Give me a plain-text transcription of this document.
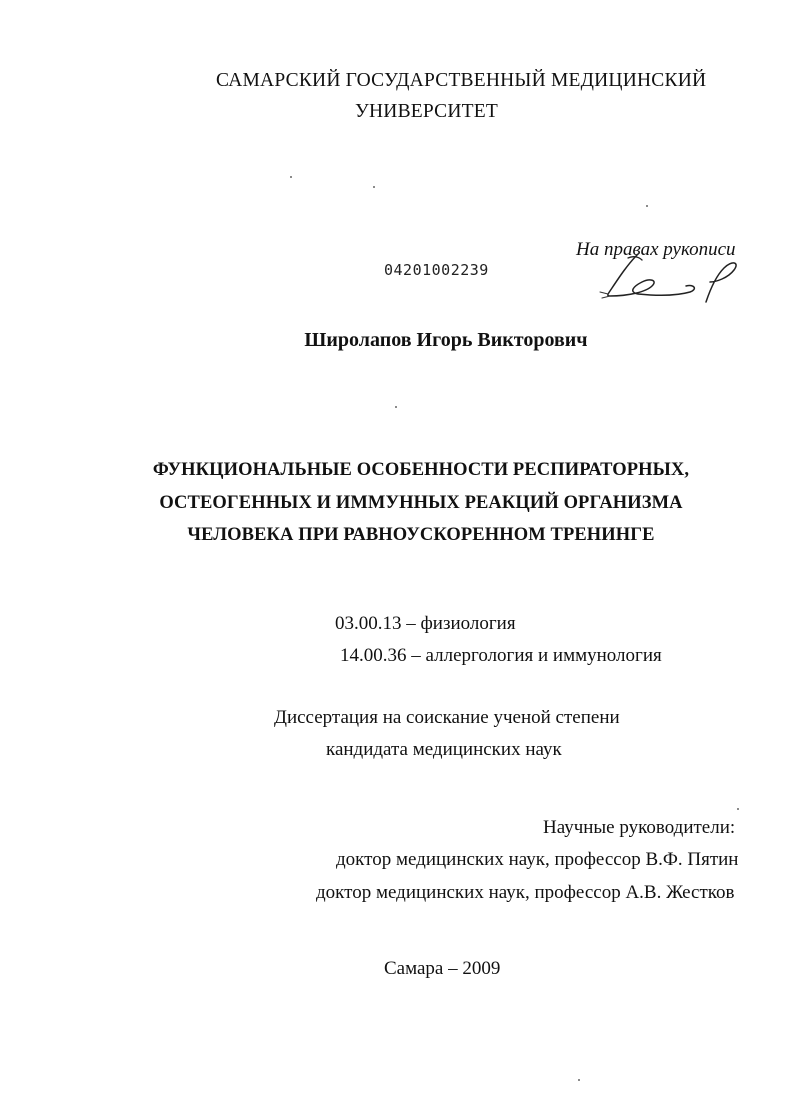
САМАРСКИЙ ГОСУДАРСТВЕННЫЙ МЕДИЦИНСКИЙ
УНИВЕРСИТЕТ
На правах рукописи
04201002239
Широлапов Игорь Викторович
ФУНКЦИОНАЛЬНЫЕ ОСОБЕННОСТИ РЕСПИРАТОРНЫХ,
ОСТЕОГЕННЫХ И ИММУННЫХ РЕАКЦИЙ ОРГАНИЗМА
ЧЕЛОВЕКА ПРИ РАВНОУСКОРЕННОМ ТРЕНИНГЕ
03.00.13 – физиология
14.00.36 – аллергология и иммунология
Диссертация на соискание ученой степени
кандидата медицинских наук
Научные руководители:
доктор медицинских наук, профессор В.Ф. Пятин
доктор медицинских наук, профессор А.В. Жестков
Самара – 2009
